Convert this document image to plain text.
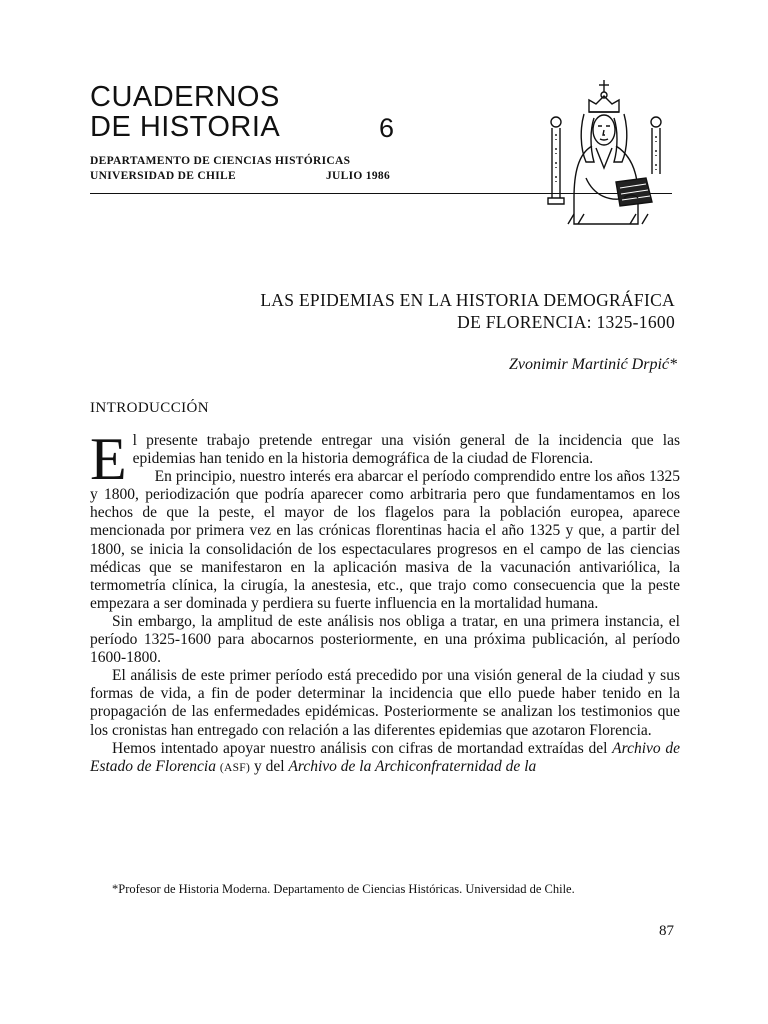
CUADERNOS
DE HISTORIA	6
DEPARTAMENTO DE CIENCIAS HISTÓRICAS
UNIVERSIDAD DE CHILE	JULIO 1986
LAS EPIDEMIAS EN LA HISTORIA DEMOGRÁFICA
DE FLORENCIA: 1325-1600
Zvonimir Martinić Drpić*
INTRODUCCIÓN

El presente trabajo pretende entregar una visión general de la incidencia que las epidemias han tenido en la historia demográfica de la ciudad de Florencia.

En principio, nuestro interés era abarcar el período comprendido entre los años 1325 y 1800, periodización que podría aparecer como arbitraria pero que fundamentamos en los hechos de que la peste, el mayor de los flagelos para la población europea, aparece mencionada por primera vez en las crónicas florentinas hacia el año 1325 y que, a partir del 1800, se inicia la consolidación de los espectaculares progresos en el campo de las ciencias médicas que se manifestaron en la aplicación masiva de la vacunación antivariólica, la termometría clínica, la cirugía, la anestesia, etc., que trajo como consecuencia que la peste empezara a ser dominada y perdiera su fuerte influencia en la mortalidad humana.

Sin embargo, la amplitud de este análisis nos obliga a tratar, en una primera instancia, el período 1325-1600 para abocarnos posteriormente, en una próxima publicación, al período 1600-1800.

El análisis de este primer período está precedido por una visión general de la ciudad y sus formas de vida, a fin de poder determinar la incidencia que ello puede haber tenido en la propagación de las enfermedades epidémicas. Posteriormente se analizan los testimonios que los cronistas han entregado con relación a las diferentes epidemias que azotaron Florencia.

Hemos intentado apoyar nuestro análisis con cifras de mortandad extraídas del Archivo de Estado de Florencia (ASF) y del Archivo de la Archiconfraternidad de la

*Profesor de Historia Moderna. Departamento de Ciencias Históricas. Universidad de Chile.
87
